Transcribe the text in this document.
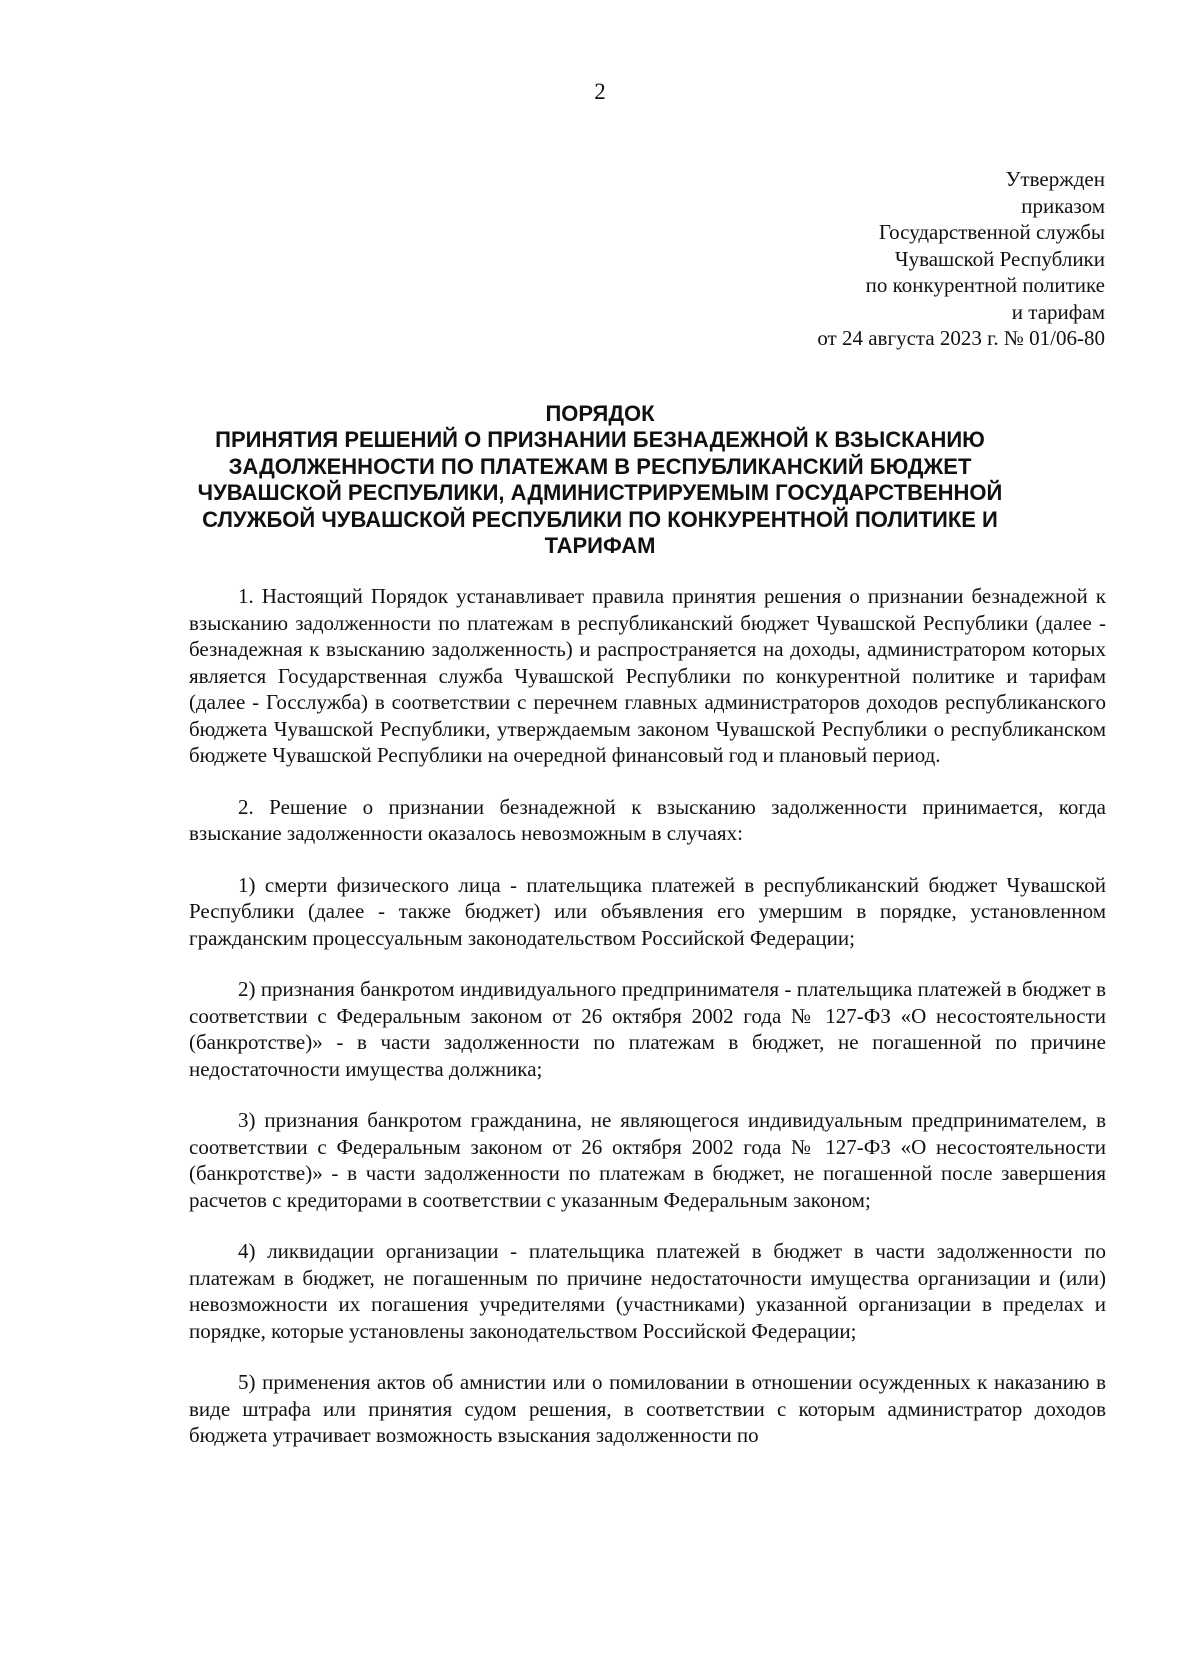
2
Утвержден
приказом
Государственной службы
Чувашской Республики
по конкурентной политике
и тарифам
от 24 августа 2023 г. № 01/06-80
ПОРЯДОК
ПРИНЯТИЯ РЕШЕНИЙ О ПРИЗНАНИИ БЕЗНАДЕЖНОЙ К ВЗЫСКАНИЮ
ЗАДОЛЖЕННОСТИ ПО ПЛАТЕЖАМ В РЕСПУБЛИКАНСКИЙ БЮДЖЕТ
ЧУВАШСКОЙ РЕСПУБЛИКИ, АДМИНИСТРИРУЕМЫМ ГОСУДАРСТВЕННОЙ
СЛУЖБОЙ ЧУВАШСКОЙ РЕСПУБЛИКИ ПО КОНКУРЕНТНОЙ ПОЛИТИКЕ И
ТАРИФАМ

1. Настоящий Порядок устанавливает правила принятия решения о признании безнадежной к взысканию задолженности по платежам в республиканский бюджет Чувашской Республики (далее - безнадежная к взысканию задолженность) и распространяется на доходы, администратором которых является Государственная служба Чувашской Республики по конкурентной политике и тарифам (далее - Госслужба) в соответствии с перечнем главных администраторов доходов республиканского бюджета Чувашской Республики, утверждаемым законом Чувашской Республики о республиканском бюджете Чувашской Республики на очередной финансовый год и плановый период.

2. Решение о признании безнадежной к взысканию задолженности принимается, когда взыскание задолженности оказалось невозможным в случаях:

1) смерти физического лица - плательщика платежей в республиканский бюджет Чувашской Республики (далее - также бюджет) или объявления его умершим в порядке, установленном гражданским процессуальным законодательством Российской Федерации;

2) признания банкротом индивидуального предпринимателя - плательщика платежей в бюджет в соответствии с Федеральным законом от 26 октября 2002 года № 127-ФЗ «О несостоятельности (банкротстве)» - в части задолженности по платежам в бюджет, не погашенной по причине недостаточности имущества должника;

3) признания банкротом гражданина, не являющегося индивидуальным предпринимателем, в соответствии с Федеральным законом от 26 октября 2002 года № 127-ФЗ «О несостоятельности (банкротстве)» - в части задолженности по платежам в бюджет, не погашенной после завершения расчетов с кредиторами в соответствии с указанным Федеральным законом;

4) ликвидации организации - плательщика платежей в бюджет в части задолженности по платежам в бюджет, не погашенным по причине недостаточности имущества организации и (или) невозможности их погашения учредителями (участниками) указанной организации в пределах и порядке, которые установлены законодательством Российской Федерации;

5) применения актов об амнистии или о помиловании в отношении осужденных к наказанию в виде штрафа или принятия судом решения, в соответствии с которым администратор доходов бюджета утрачивает возможность взыскания задолженности по
